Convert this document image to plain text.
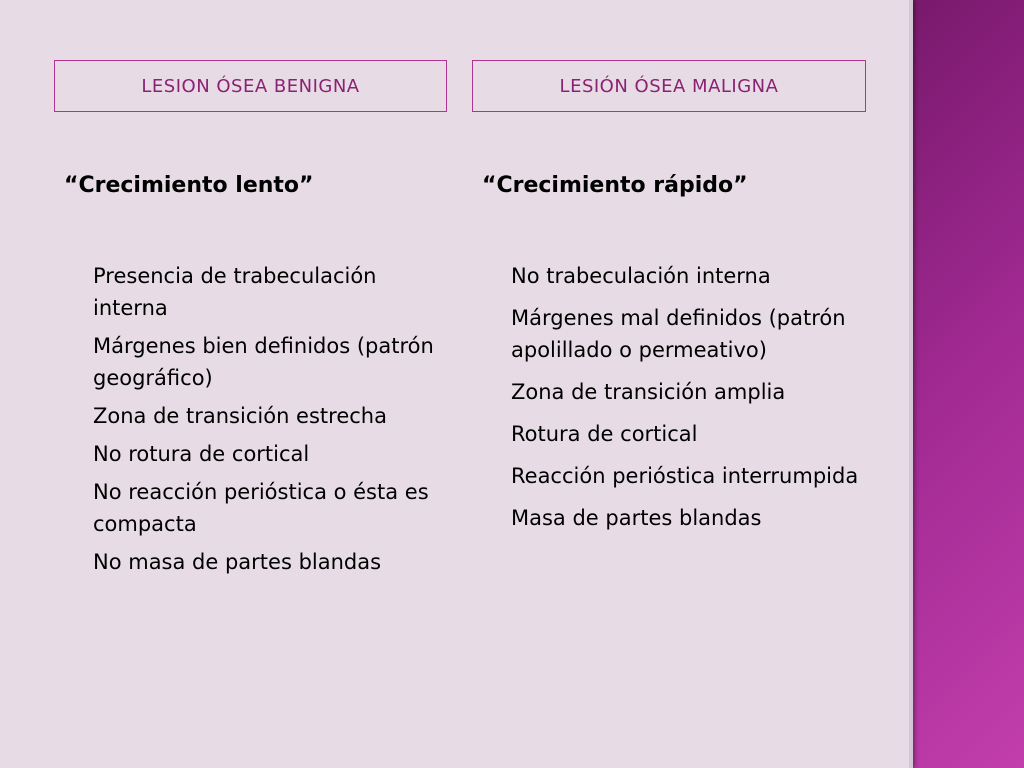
LESION ÓSEA BENIGNA	LESIÓN ÓSEA MALIGNA

“Crecimiento lento”

Presencia de trabeculación interna
Márgenes bien definidos (patrón geográfico)
Zona de transición estrecha
No rotura de cortical
No reacción perióstica o ésta es compacta
No masa de partes blandas

“Crecimiento rápido”

No trabeculación interna
Márgenes mal definidos (patrón apolillado o permeativo)
Zona de transición amplia
Rotura de cortical
Reacción perióstica interrumpida
Masa de partes blandas
